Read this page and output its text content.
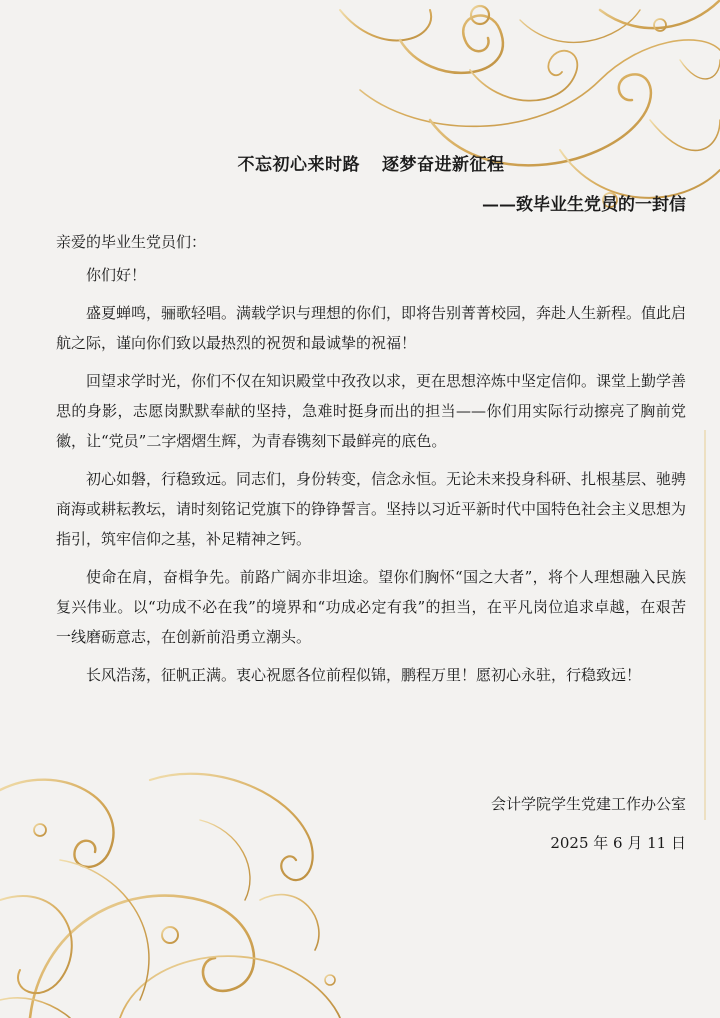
不忘初心来时路 逐梦奋进新征程
——致毕业生党员的一封信
亲爱的毕业生党员们：

你们好！

盛夏蝉鸣，骊歌轻唱。满载学识与理想的你们，即将告别菁菁校园，奔赴人生新程。值此启航之际，谨向你们致以最热烈的祝贺和最诚挚的祝福！

回望求学时光，你们不仅在知识殿堂中孜孜以求，更在思想淬炼中坚定信仰。课堂上勤学善思的身影，志愿岗默默奉献的坚持，急难时挺身而出的担当——你们用实际行动擦亮了胸前党徽，让“党员”二字熠熠生辉，为青春镌刻下最鲜亮的底色。

初心如磐，行稳致远。同志们，身份转变，信念永恒。无论未来投身科研、扎根基层、驰骋商海或耕耘教坛，请时刻铭记党旗下的铮铮誓言。坚持以习近平新时代中国特色社会主义思想为指引，筑牢信仰之基，补足精神之钙。

使命在肩，奋楫争先。前路广阔亦非坦途。望你们胸怀“国之大者”，将个人理想融入民族复兴伟业。以“功成不必在我”的境界和“功成必定有我”的担当，在平凡岗位追求卓越，在艰苦一线磨砺意志，在创新前沿勇立潮头。

长风浩荡，征帆正满。衷心祝愿各位前程似锦，鹏程万里！愿初心永驻，行稳致远！

会计学院学生党建工作办公室
2025 年 6 月 11 日
